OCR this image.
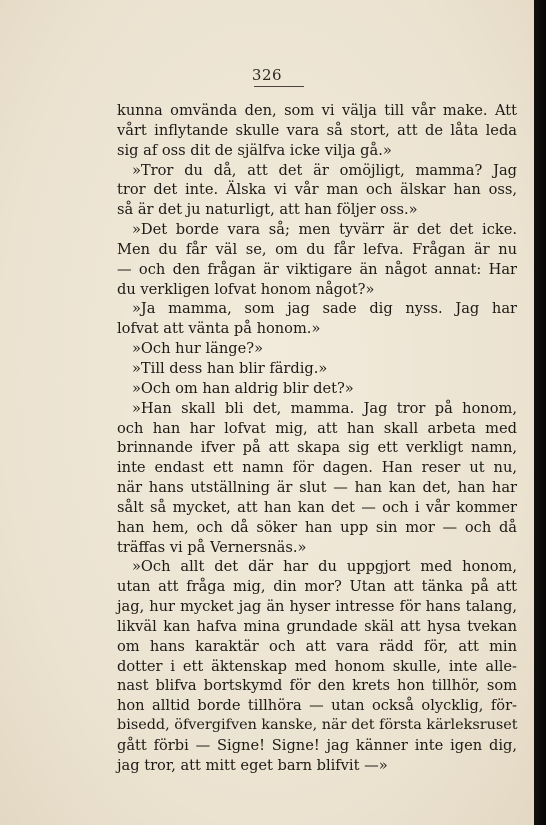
326
kunna omvända den, som vi välja till vår make. Att
vårt inflytande skulle vara så stort, att de låta leda
sig af oss dit de själfva icke vilja gå.»
»Tror du då, att det är omöjligt, mamma? Jag
tror det inte. Älska vi vår man och älskar han oss,
så är det ju naturligt, att han följer oss.»
»Det borde vara så; men tyvärr är det det icke.
Men du får väl se, om du får lefva. Frågan är nu
— och den frågan är viktigare än något annat: Har
du verkligen lofvat honom något?»
»Ja mamma, som jag sade dig nyss. Jag har
lofvat att vänta på honom.»
»Och hur länge?»
»Till dess han blir färdig.»
»Och om han aldrig blir det?»
»Han skall bli det, mamma. Jag tror på honom,
och han har lofvat mig, att han skall arbeta med
brinnande ifver på att skapa sig ett verkligt namn,
inte endast ett namn för dagen. Han reser ut nu,
när hans utställning är slut — han kan det, han har
sålt så mycket, att han kan det — och i vår kommer
han hem, och då söker han upp sin mor — och då
träffas vi på Vernersnäs.»
»Och allt det där har du uppgjort med honom,
utan att fråga mig, din mor? Utan att tänka på att
jag, hur mycket jag än hyser intresse för hans talang,
likväl kan hafva mina grundade skäl att hysa tvekan
om hans karaktär och att vara rädd för, att min
dotter i ett äktenskap med honom skulle, inte alle-
nast blifva bortskymd för den krets hon tillhör, som
hon alltid borde tillhöra — utan också olycklig, för-
bisedd, öfvergifven kanske, när det första kärleksruset
gått förbi — Signe! Signe! jag känner inte igen dig,
jag tror, att mitt eget barn blifvit —»
